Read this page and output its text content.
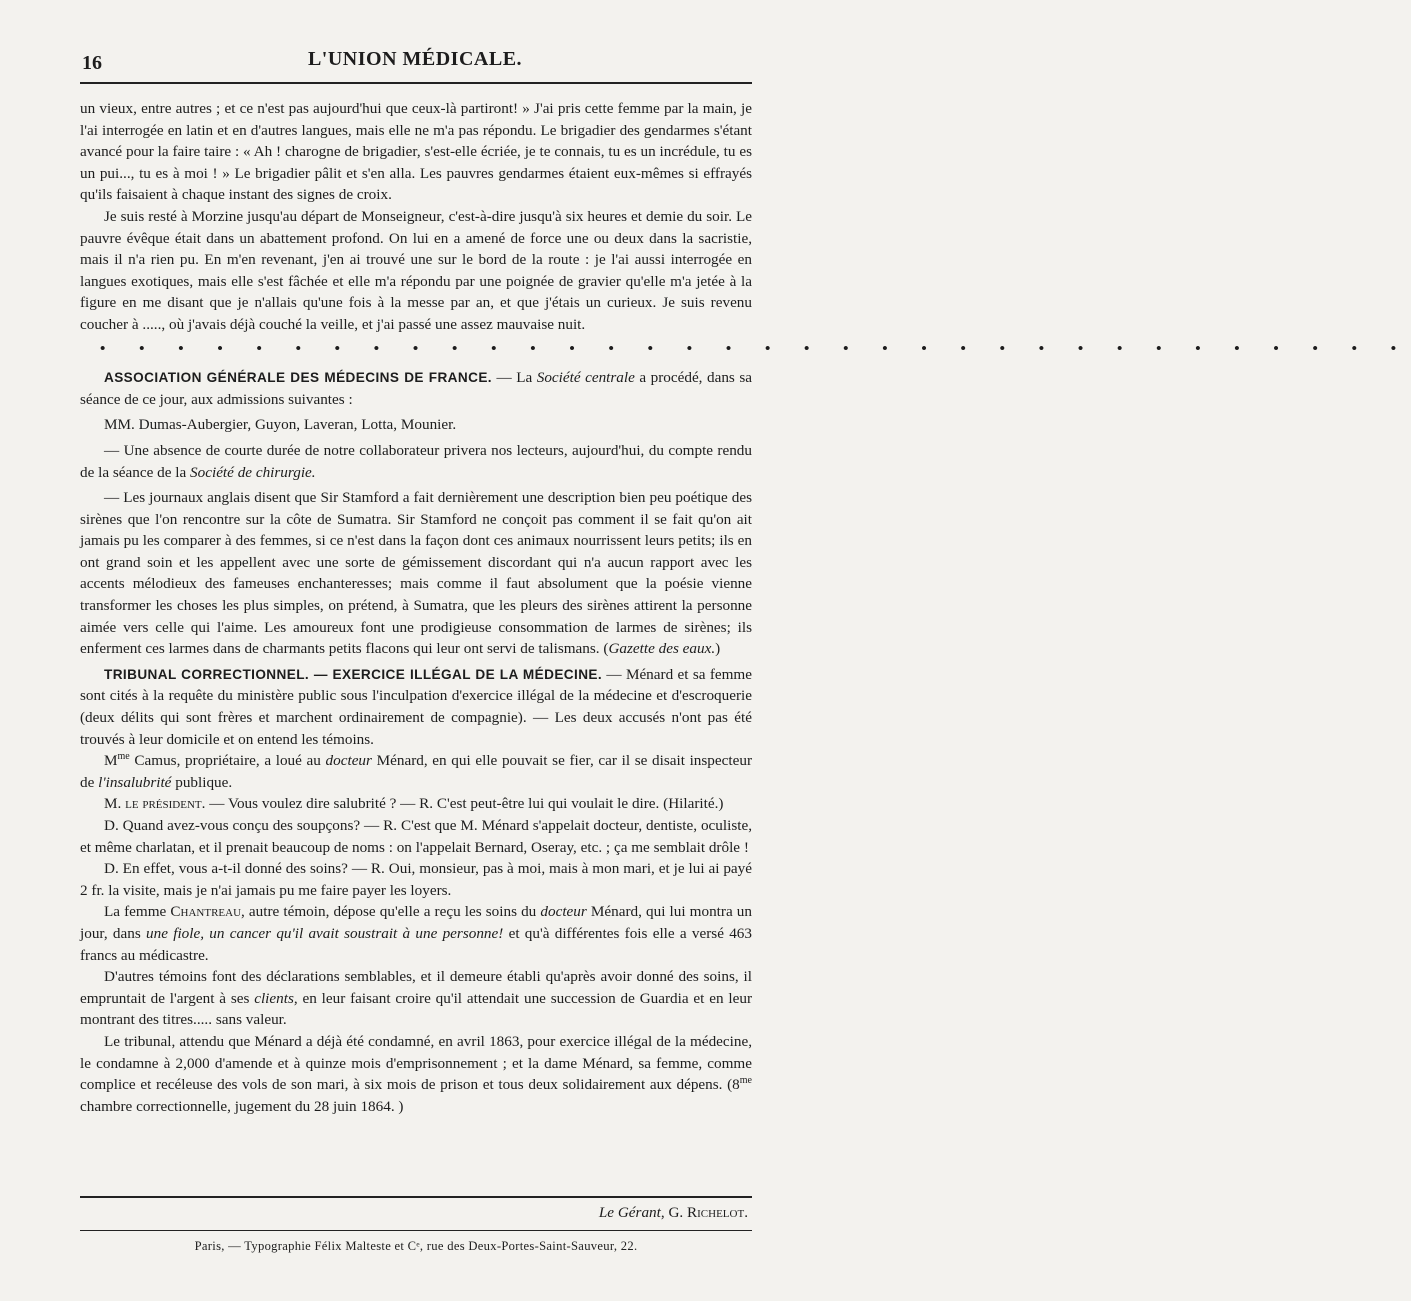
16	L'UNION MÉDICALE.

un vieux, entre autres ; et ce n'est pas aujourd'hui que ceux-là partiront! » J'ai pris cette femme par la main, je l'ai interrogée en latin et en d'autres langues, mais elle ne m'a pas répondu. Le brigadier des gendarmes s'étant avancé pour la faire taire : « Ah ! charogne de brigadier, s'est-elle écriée, je te connais, tu es un incrédule, tu es un pui..., tu es à moi ! » Le brigadier pâlit et s'en alla. Les pauvres gendarmes étaient eux-mêmes si effrayés qu'ils faisaient à chaque instant des signes de croix.

Je suis resté à Morzine jusqu'au départ de Monseigneur, c'est-à-dire jusqu'à six heures et demie du soir. Le pauvre évêque était dans un abattement profond. On lui en a amené de force une ou deux dans la sacristie, mais il n'a rien pu. En m'en revenant, j'en ai trouvé une sur le bord de la route : je l'ai aussi interrogée en langues exotiques, mais elle s'est fâchée et elle m'a répondu par une poignée de gravier qu'elle m'a jetée à la figure en me disant que je n'allais qu'une fois à la messe par an, et que j'étais un curieux. Je suis revenu coucher à ....., où j'avais déjà couché la veille, et j'ai passé une assez mauvaise nuit.

• • • • • • • • • • • • • • • • • • • • • • • • • • • • • • • • • •

ASSOCIATION GÉNÉRALE DES MÉDECINS DE FRANCE. — La Société centrale a procédé, dans sa séance de ce jour, aux admissions suivantes :

MM. Dumas-Aubergier, Guyon, Laveran, Lotta, Mounier.

— Une absence de courte durée de notre collaborateur privera nos lecteurs, aujourd'hui, du compte rendu de la séance de la Société de chirurgie.

— Les journaux anglais disent que Sir Stamford a fait dernièrement une description bien peu poétique des sirènes que l'on rencontre sur la côte de Sumatra. Sir Stamford ne conçoit pas comment il se fait qu'on ait jamais pu les comparer à des femmes, si ce n'est dans la façon dont ces animaux nourrissent leurs petits; ils en ont grand soin et les appellent avec une sorte de gémissement discordant qui n'a aucun rapport avec les accents mélodieux des fameuses enchanteresses; mais comme il faut absolument que la poésie vienne transformer les choses les plus simples, on prétend, à Sumatra, que les pleurs des sirènes attirent la personne aimée vers celle qui l'aime. Les amoureux font une prodigieuse consommation de larmes de sirènes; ils enferment ces larmes dans de charmants petits flacons qui leur ont servi de talismans. (Gazette des eaux.)

TRIBUNAL CORRECTIONNEL. — EXERCICE ILLÉGAL DE LA MÉDECINE. — Ménard et sa femme sont cités à la requête du ministère public sous l'inculpation d'exercice illégal de la médecine et d'escroquerie (deux délits qui sont frères et marchent ordinairement de compagnie). — Les deux accusés n'ont pas été trouvés à leur domicile et on entend les témoins.

$M^{me}$ Camus, propriétaire, a loué au docteur Ménard, en qui elle pouvait se fier, car il se disait inspecteur de l'insalubrité publique.

M. le président. — Vous voulez dire salubrité ? — R. C'est peut-être lui qui voulait le dire. (Hilarité.)

D. Quand avez-vous conçu des soupçons? — R. C'est que M. Ménard s'appelait docteur, dentiste, oculiste, et même charlatan, et il prenait beaucoup de noms : on l'appelait Bernard, Oseray, etc. ; ça me semblait drôle !

D. En effet, vous a-t-il donné des soins? — R. Oui, monsieur, pas à moi, mais à mon mari, et je lui ai payé 2 fr. la visite, mais je n'ai jamais pu me faire payer les loyers.

La femme Chantreau, autre témoin, dépose qu'elle a reçu les soins du docteur Ménard, qui lui montra un jour, dans une fiole, un cancer qu'il avait soustrait à une personne! et qu'à différentes fois elle a versé 463 francs au médicastre.

D'autres témoins font des déclarations semblables, et il demeure établi qu'après avoir donné des soins, il empruntait de l'argent à ses clients, en leur faisant croire qu'il attendait une succession de Guardia et en leur montrant des titres..... sans valeur.

Le tribunal, attendu que Ménard a déjà été condamné, en avril 1863, pour exercice illégal de la médecine, le condamne à 2,000 d'amende et à quinze mois d'emprisonnement ; et la dame Ménard, sa femme, comme complice et recéleuse des vols de son mari, à six mois de prison et tous deux solidairement aux dépens. ($8^{me}$ chambre correctionnelle, jugement du 28 juin 1864. )

Le Gérant, G. Richelot.
Paris, — Typographie Félix Malteste et Cᵉ, rue des Deux-Portes-Saint-Sauveur, 22.
